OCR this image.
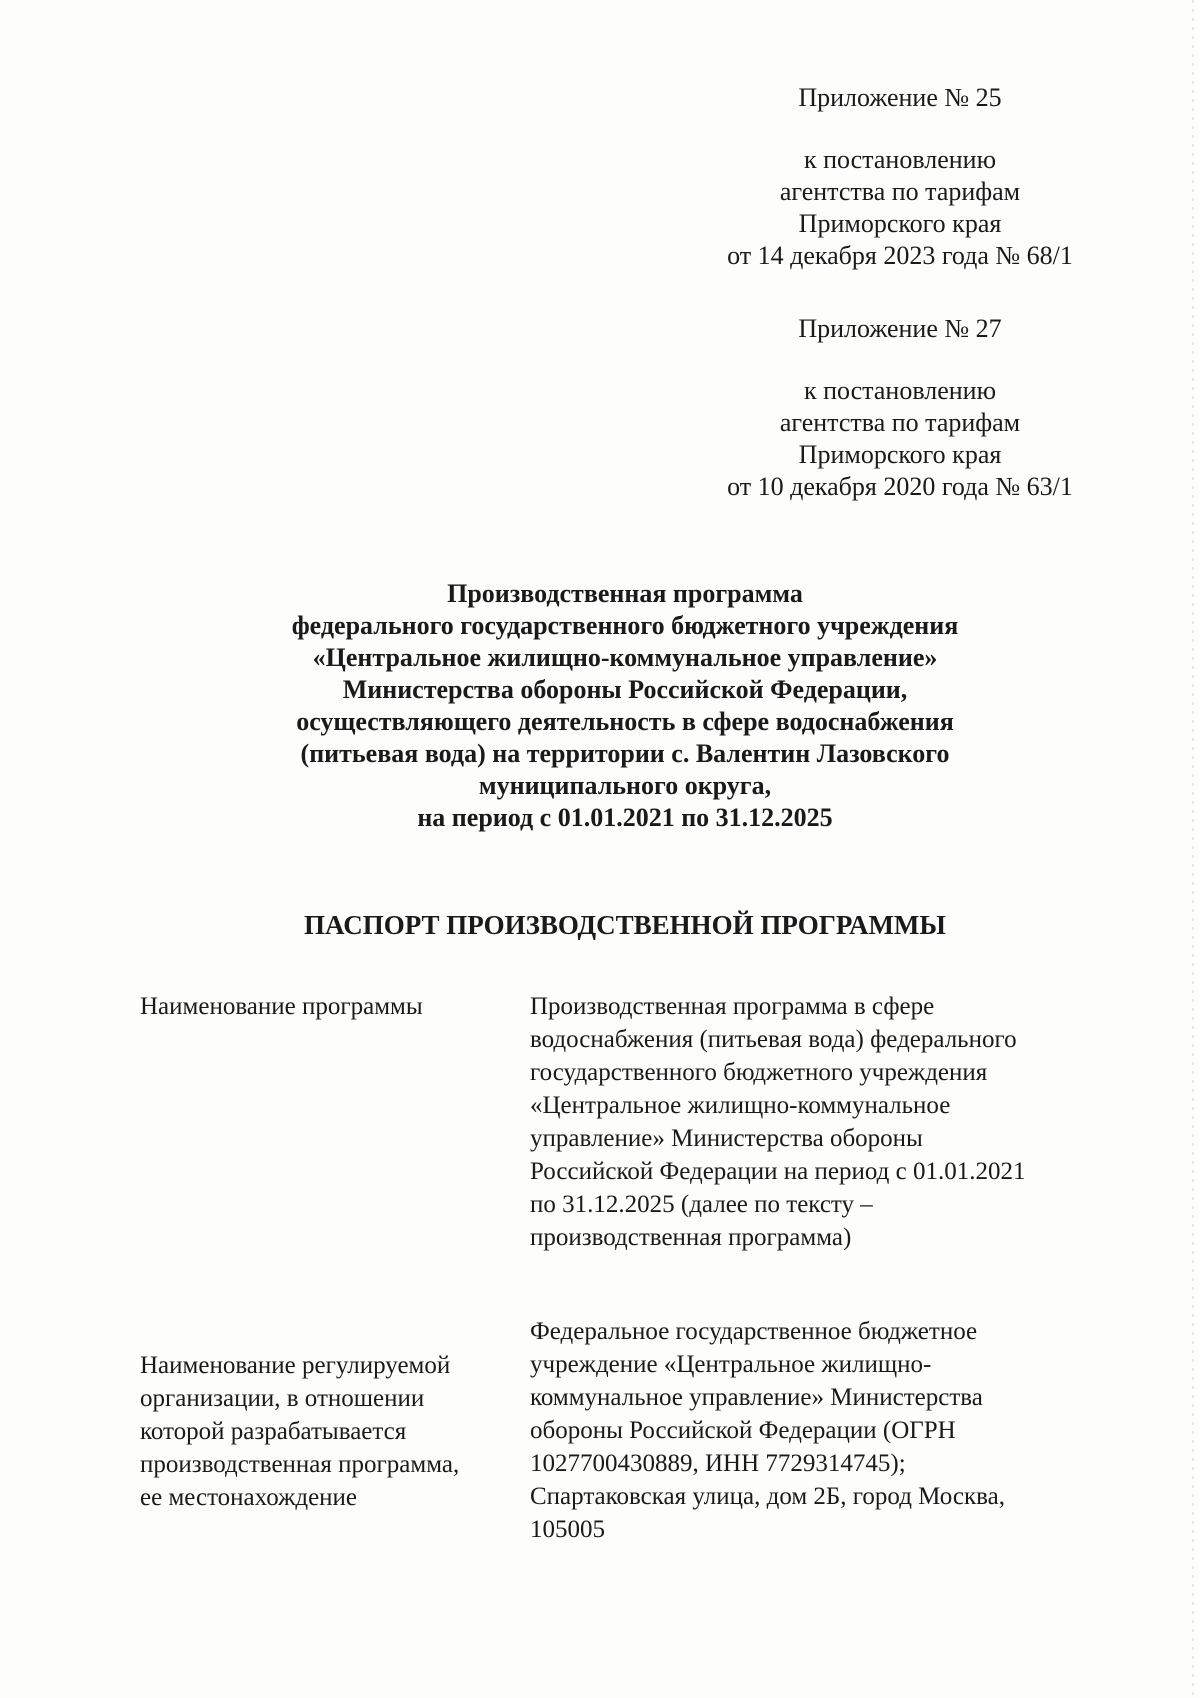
Приложение № 25
к постановлению
агентства по тарифам
Приморского края
от 14 декабря 2023 года № 68/1
Приложение № 27
к постановлению
агентства по тарифам
Приморского края
от 10 декабря 2020 года № 63/1
Производственная программа
федерального государственного бюджетного учреждения
«Центральное жилищно-коммунальное управление»
Министерства обороны Российской Федерации,
осуществляющего деятельность в сфере водоснабжения
(питьевая вода) на территории с. Валентин Лазовского
муниципального округа,
на период с 01.01.2021 по 31.12.2025
ПАСПОРТ ПРОИЗВОДСТВЕННОЙ ПРОГРАММЫ
Наименование программы	Производственная программа в сфере
водоснабжения (питьевая вода) федерального
государственного бюджетного учреждения
«Центральное жилищно-коммунальное
управление» Министерства обороны
Российской Федерации на период с 01.01.2021
по 31.12.2025 (далее по тексту –
производственная программа)
Наименование регулируемой
организации, в отношении
которой разрабатывается
производственная программа,
ее местонахождение
Федеральное государственное бюджетное
учреждение «Центральное жилищно-
коммунальное управление» Министерства
обороны Российской Федерации (ОГРН
1027700430889, ИНН 7729314745);
Спартаковская улица, дом 2Б, город Москва,
105005
